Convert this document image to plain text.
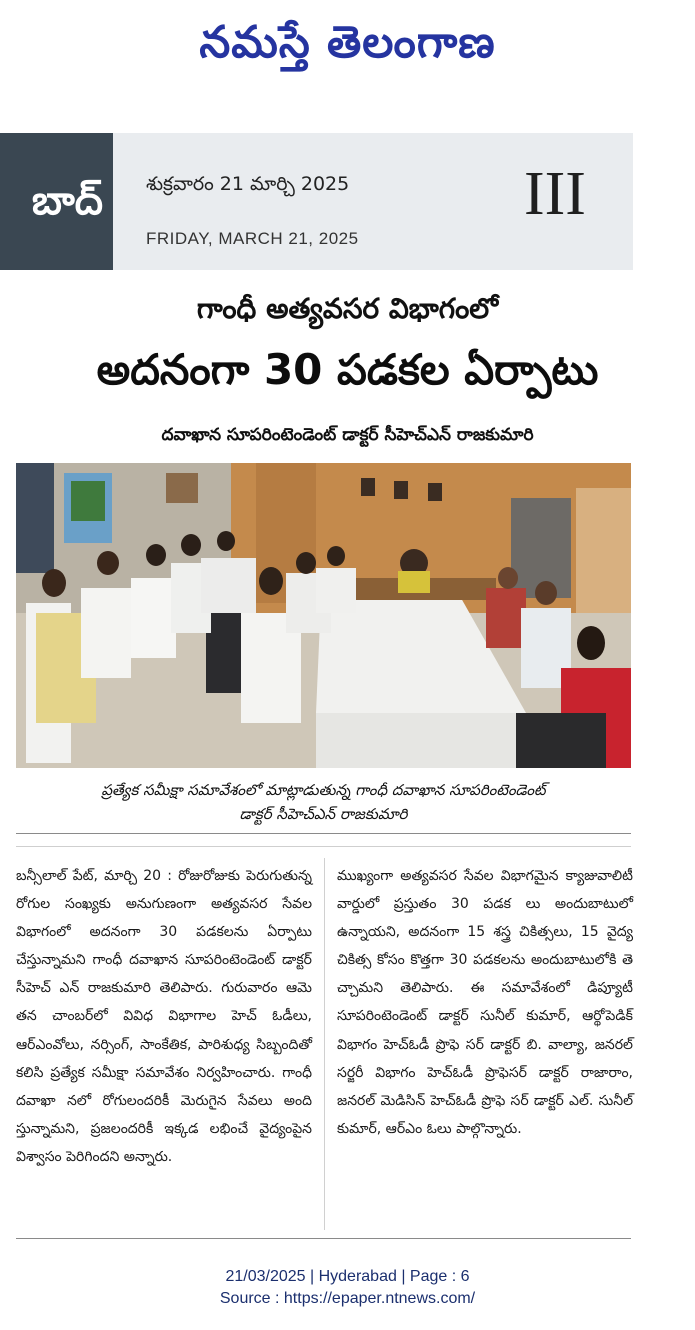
నమస్తే తెలంగాణ
బాద్	శుక్రవారం 21 మార్చి 2025
FRIDAY, MARCH 21, 2025
III
గాంధీ అత్యవసర విభాగంలో
అదనంగా 30 పడకల ఏర్పాటు
దవాఖాన సూపరింటెండెంట్ డాక్టర్ సీహెచ్ఎన్ రాజకుమారి
ప్రత్యేక సమీక్షా సమావేశంలో మాట్లాడుతున్న గాంధీ దవాఖాన సూపరింటెండెంట్
డాక్టర్ సీహెచ్ఎన్ రాజకుమారి
బన్సీలాల్ పేట్, మార్చి 20 : రోజురోజుకు పెరుగుతున్న రోగుల సంఖ్యకు అనుగుణంగా అత్యవసర సేవల విభాగంలో అదనంగా 30 పడకలను ఏర్పాటు చేస్తున్నామని గాంధీ దవాఖాన సూపరింటెండెంట్ డాక్టర్ సీహెచ్ ఎన్ రాజకుమారి తెలిపారు. గురువారం ఆమె తన చాంబర్‌లో వివిధ విభాగాల హెచ్ ఓడీలు, ఆర్ఎంవోలు, నర్సింగ్, సాంకేతిక, పారిశుధ్య సిబ్బందితో కలిసి ప్రత్యేక సమీక్షా సమావేశం నిర్వహించారు. గాంధీ దవాఖా నలో రోగులందరికీ మెరుగైన సేవలు అంది స్తున్నామని, ప్రజలందరికీ ఇక్కడ లభించే వైద్యంపైన విశ్వాసం పెరిగిందని అన్నారు.
ముఖ్యంగా అత్యవసర సేవల విభాగమైన క్యాజువాలిటీ వార్డులో ప్రస్తుతం 30 పడక లు అందుబాటులో ఉన్నాయని, అదనంగా 15 శస్త్ర చికిత్సలు, 15 వైద్య చికిత్స కోసం కొత్తగా 30 పడకలను అందుబాటులోకి తె చ్చామని తెలిపారు. ఈ సమావేశంలో డిప్యూటీ సూపరింటెండెంట్ డాక్టర్ సునీల్ కుమార్, ఆర్థోపెడిక్ విభాగం హెచ్ఓడీ ప్రొఫె సర్ డాక్టర్ బి. వాల్యా, జనరల్ సర్జరీ విభాగం హెచ్ఓడీ ప్రొఫెసర్ డాక్టర్ రాజారాం, జనరల్ మెడిసిన్ హెచ్ఓడీ ప్రొఫె సర్ డాక్టర్ ఎల్. సునీల్ కుమార్, ఆర్ఎం ఓలు పాల్గొన్నారు.
21/03/2025 | Hyderabad | Page : 6
Source : https://epaper.ntnews.com/
